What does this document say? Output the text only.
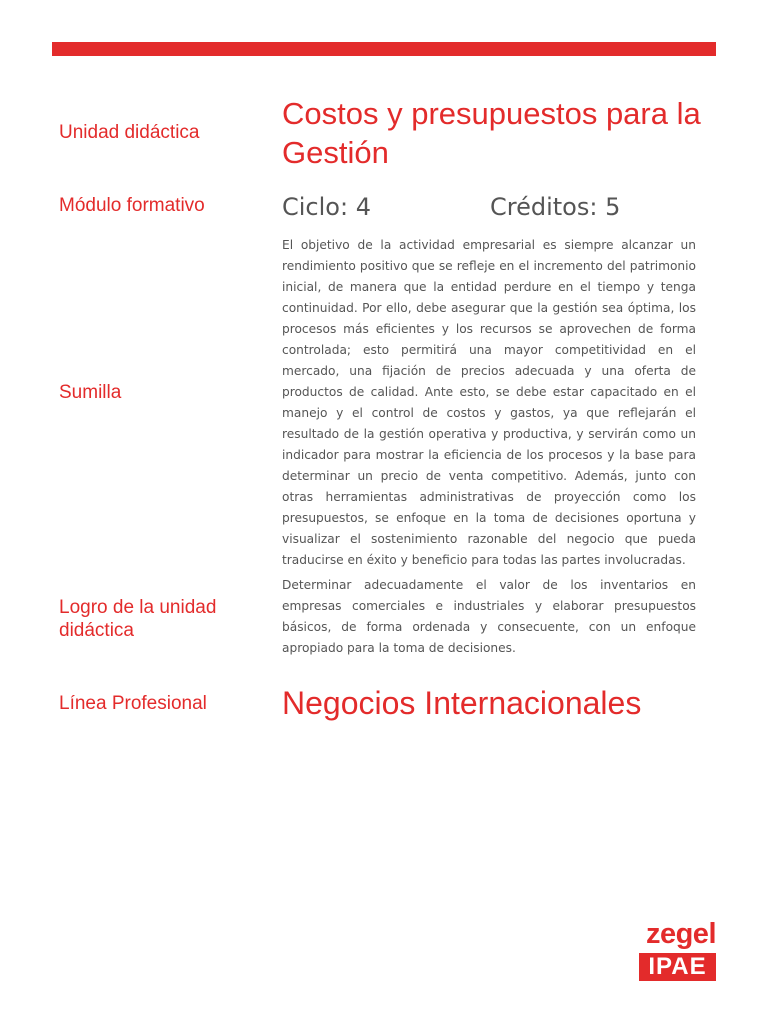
Unidad didáctica
Costos y presupuestos para la Gestión
Módulo formativo	Ciclo: 4	Créditos: 5
Sumilla
El objetivo de la actividad empresarial es siempre alcanzar un rendimiento positivo que se refleje en el incremento del patrimonio inicial, de manera que la entidad perdure en el tiempo y tenga continuidad. Por ello, debe asegurar que la gestión sea óptima, los procesos más eficientes y los recursos se aprovechen de forma controlada; esto permitirá una mayor competitividad en el mercado, una fijación de precios adecuada y una oferta de productos de calidad. Ante esto, se debe estar capacitado en el manejo y el control de costos y gastos, ya que reflejarán el resultado de la gestión operativa y productiva, y servirán como un indicador para mostrar la eficiencia de los procesos y la base para determinar un precio de venta competitivo. Además, junto con otras herramientas administrativas de proyección como los presupuestos, se enfoque en la toma de decisiones oportuna y visualizar el sostenimiento razonable del negocio que pueda traducirse en éxito y beneficio para todas las partes involucradas.
Logro de la unidad didáctica
Determinar adecuadamente el valor de los inventarios en empresas comerciales e industriales y elaborar presupuestos básicos, de forma ordenada y consecuente, con un enfoque apropiado para la toma de decisiones.
Línea Profesional Negocios Internacionales
zegel
IPAE
